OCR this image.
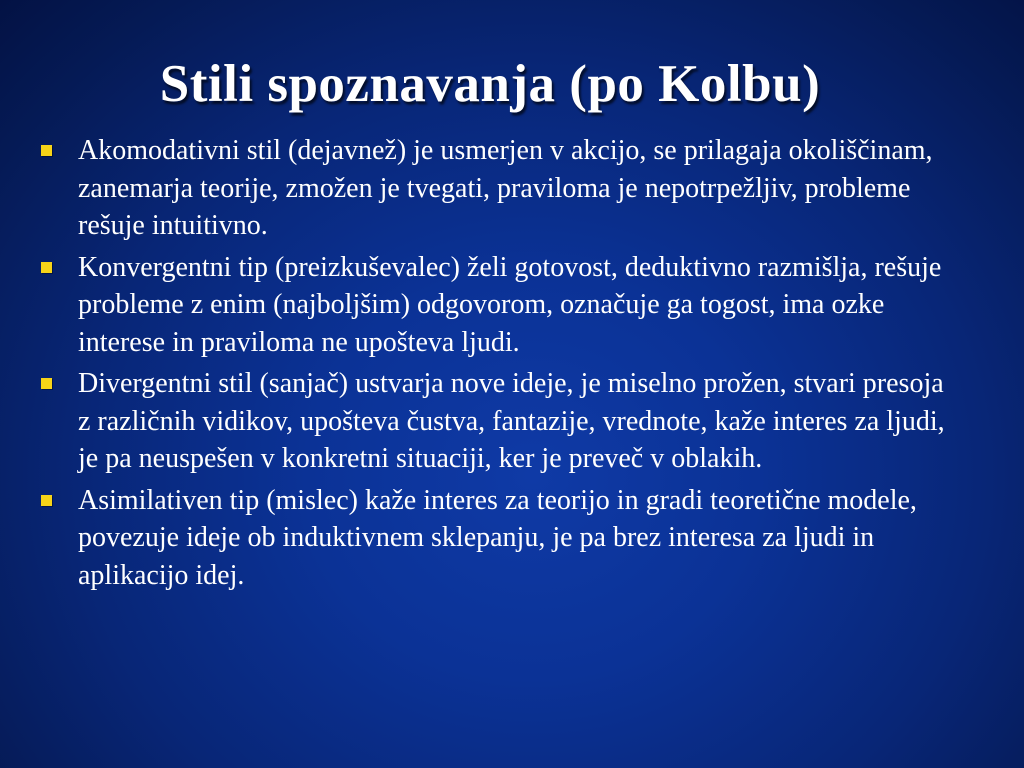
Stili spoznavanja (po Kolbu)
Akomodativni stil (dejavnež) je usmerjen v akcijo, se prilagaja okoliščinam, zanemarja teorije, zmožen je tvegati, praviloma je nepotrpežljiv, probleme rešuje intuitivno.
Konvergentni tip (preizkuševalec) želi gotovost, deduktivno razmišlja, rešuje probleme z enim (najboljšim) odgovorom, označuje ga togost, ima ozke interese in praviloma ne upošteva ljudi.
Divergentni stil (sanjač) ustvarja nove ideje, je miselno prožen, stvari presoja z različnih vidikov, upošteva čustva, fantazije, vrednote, kaže interes za ljudi, je pa neuspešen v konkretni situaciji, ker je preveč v oblakih.
Asimilativen tip (mislec) kaže interes za teorijo in gradi teoretične modele, povezuje ideje ob induktivnem sklepanju, je pa brez interesa za ljudi in aplikacijo idej.
